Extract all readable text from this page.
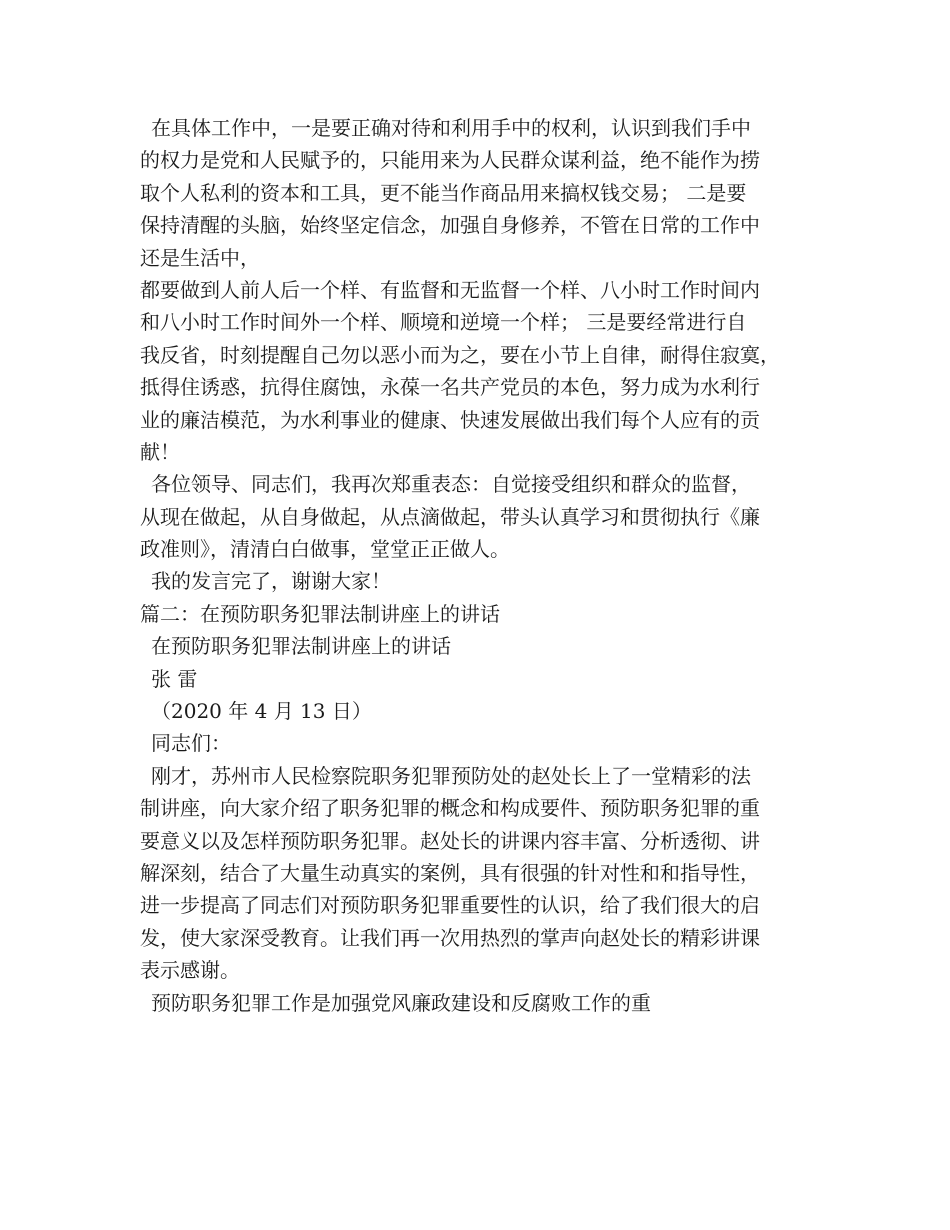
在具体工作中，一是要正确对待和利用手中的权利，认识到我们手中
的权力是党和人民赋予的，只能用来为人民群众谋利益，绝不能作为捞
取个人私利的资本和工具，更不能当作商品用来搞权钱交易； 二是要
保持清醒的头脑，始终坚定信念，加强自身修养，不管在日常的工作中
还是生活中，
都要做到人前人后一个样、有监督和无监督一个样、八小时工作时间内
和八小时工作时间外一个样、顺境和逆境一个样； 三是要经常进行自
我反省，时刻提醒自己勿以恶小而为之，要在小节上自律，耐得住寂寞，
抵得住诱惑，抗得住腐蚀，永葆一名共产党员的本色，努力成为水利行
业的廉洁模范，为水利事业的健康、快速发展做出我们每个人应有的贡
献！
各位领导、同志们，我再次郑重表态：自觉接受组织和群众的监督，
从现在做起，从自身做起，从点滴做起，带头认真学习和贯彻执行《廉
政准则》，清清白白做事，堂堂正正做人。
我的发言完了，谢谢大家！
篇二：在预防职务犯罪法制讲座上的讲话
在预防职务犯罪法制讲座上的讲话
张 雷
（2020 年 4 月 13 日）
同志们：
刚才，苏州市人民检察院职务犯罪预防处的赵处长上了一堂精彩的法
制讲座，向大家介绍了职务犯罪的概念和构成要件、预防职务犯罪的重
要意义以及怎样预防职务犯罪。赵处长的讲课内容丰富、分析透彻、讲
解深刻，结合了大量生动真实的案例，具有很强的针对性和和指导性，
进一步提高了同志们对预防职务犯罪重要性的认识，给了我们很大的启
发，使大家深受教育。让我们再一次用热烈的掌声向赵处长的精彩讲课
表示感谢。
预防职务犯罪工作是加强党风廉政建设和反腐败工作的重
